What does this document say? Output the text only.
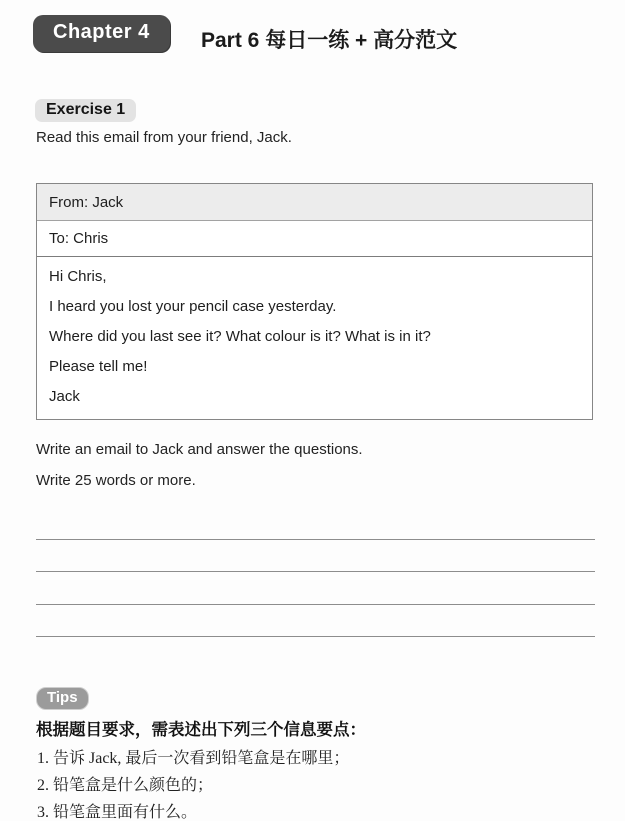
Chapter 4	Part 6 每日一练 + 高分范文
Exercise 1
Read this email from your friend, Jack.
From: Jack
To: Chris

Hi Chris,

I heard you lost your pencil case yesterday.

Where did you last see it? What colour is it? What is in it?

Please tell me!

Jack

Write an email to Jack and answer the questions.
Write 25 words or more.
Tips
根据题目要求，需表述出下列三个信息要点：
1. 告诉 Jack, 最后一次看到铅笔盒是在哪里；
2. 铅笔盒是什么颜色的；
3. 铅笔盒里面有什么。
